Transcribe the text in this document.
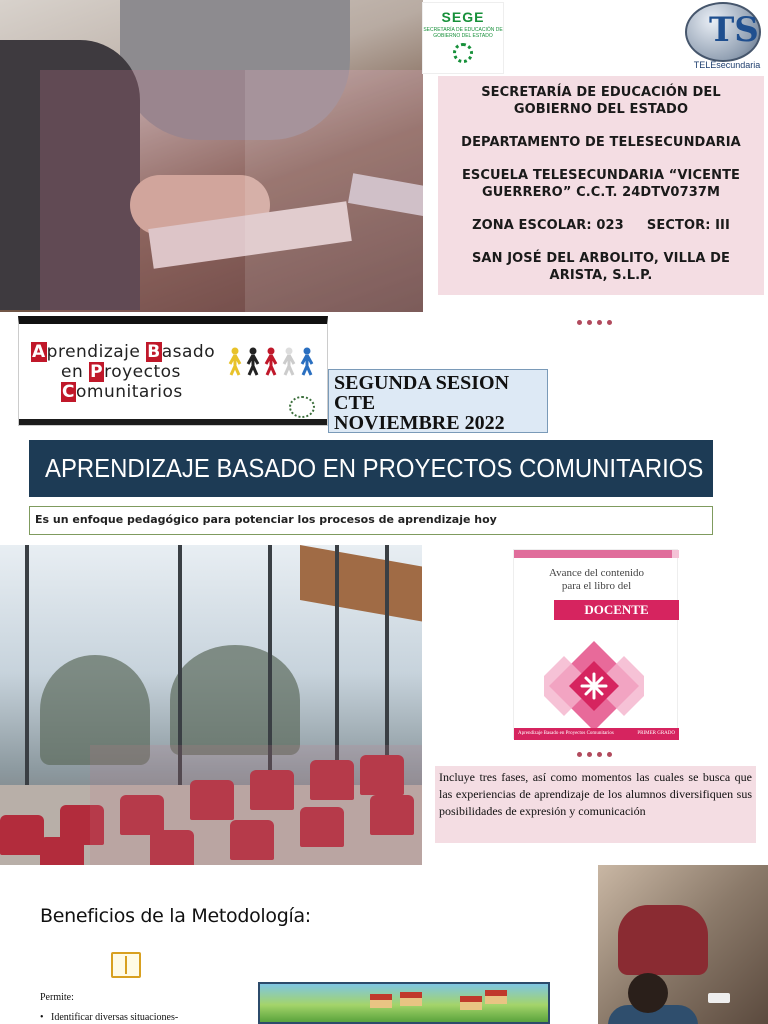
SEGE
SECRETARÍA DE EDUCACIÓN DE GOBIERNO DEL ESTADO	TS
TELEsecundaria

SECRETARÍA DE EDUCACIÓN DEL GOBIERNO DEL ESTADO

DEPARTAMENTO DE TELESECUNDARIA

ESCUELA TELESECUNDARIA “VICENTE GUERRERO” C.C.T. 24DTV0737M

ZONA ESCOLAR: 023     SECTOR: III

SAN JOSÉ DEL ARBOLITO, VILLA DE ARISTA, S.L.P.

Aprendizaje Basado
en Proyectos
Comunitarios	SEGUNDA SESION
CTE
NOVIEMBRE 2022
APRENDIZAJE BASADO EN PROYECTOS COMUNITARIOS
Es un enfoque pedagógico para potenciar los procesos de aprendizaje hoy
Avance del contenido
para el libro del
DOCENTE
Aprendizaje Basado en Proyectos Comunitarios	PRIMER GRADO

Incluye tres fases, así como momentos las cuales se busca que las experiencias de aprendizaje de los alumnos diversifiquen sus posibilidades de expresión y comunicación

Beneficios de la Metodología:
Permite:
•   Identificar diversas situaciones-
